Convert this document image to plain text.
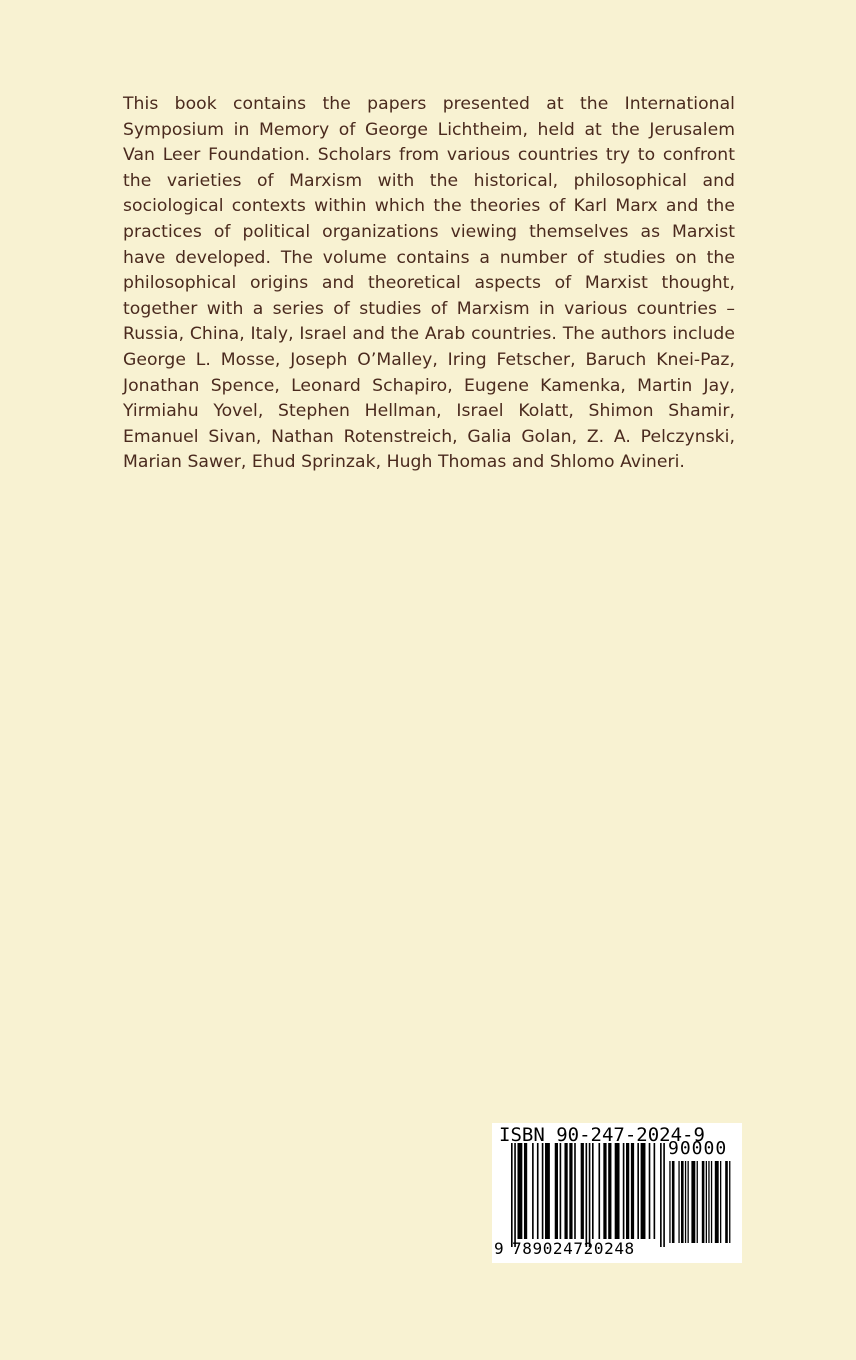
This book contains the papers presented at the International Symposium in Memory of George Lichtheim, held at the Jerusalem Van Leer Foundation. Scholars from various countries try to confront the varieties of Marxism with the historical, philosophical and sociological contexts within which the theories of Karl Marx and the practices of political organizations viewing themselves as Marxist have developed. The volume contains a number of studies on the philosophical origins and theoretical aspects of Marxist thought, together with a series of studies of Marxism in various countries – Russia, China, Italy, Israel and the Arab countries. The authors include George L. Mosse, Joseph O’Malley, Iring Fetscher, Baruch Knei-Paz, Jonathan Spence, Leonard Schapiro, Eugene Kamenka, Martin Jay, Yirmiahu Yovel, Stephen Hellman, Israel Kolatt, Shimon Shamir, Emanuel Sivan, Nathan Rotenstreich, Galia Golan, Z. A. Pelczynski, Marian Sawer, Ehud Sprinzak, Hugh Thomas and Shlomo Avineri.

ISBN 90-247-2024-9
90000
9 789024720248
